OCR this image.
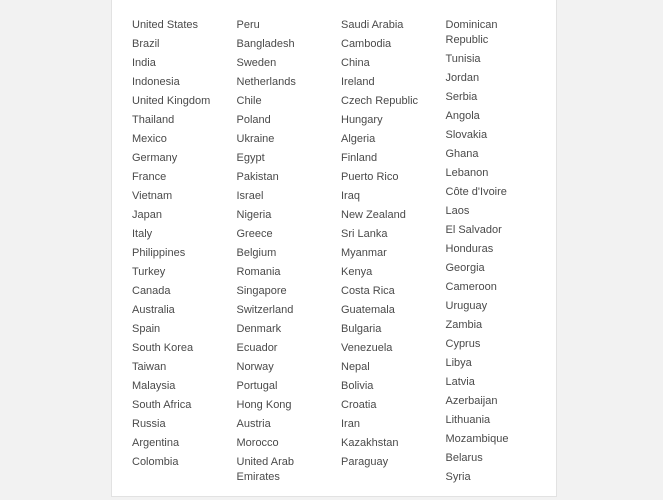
United States
Brazil
India
Indonesia
United Kingdom
Thailand
Mexico
Germany
France
Vietnam
Japan
Italy
Philippines
Turkey
Canada
Australia
Spain
South Korea
Taiwan
Malaysia
South Africa
Russia
Argentina
Colombia
Peru
Bangladesh
Sweden
Netherlands
Chile
Poland
Ukraine
Egypt
Pakistan
Israel
Nigeria
Greece
Belgium
Romania
Singapore
Switzerland
Denmark
Ecuador
Norway
Portugal
Hong Kong
Austria
Morocco
United Arab Emirates
Saudi Arabia
Cambodia
China
Ireland
Czech Republic
Hungary
Algeria
Finland
Puerto Rico
Iraq
New Zealand
Sri Lanka
Myanmar
Kenya
Costa Rica
Guatemala
Bulgaria
Venezuela
Nepal
Bolivia
Croatia
Iran
Kazakhstan
Paraguay
Dominican Republic
Tunisia
Jordan
Serbia
Angola
Slovakia
Ghana
Lebanon
Côte d'Ivoire
Laos
El Salvador
Honduras
Georgia
Cameroon
Uruguay
Zambia
Cyprus
Libya
Latvia
Azerbaijan
Lithuania
Mozambique
Belarus
Syria
